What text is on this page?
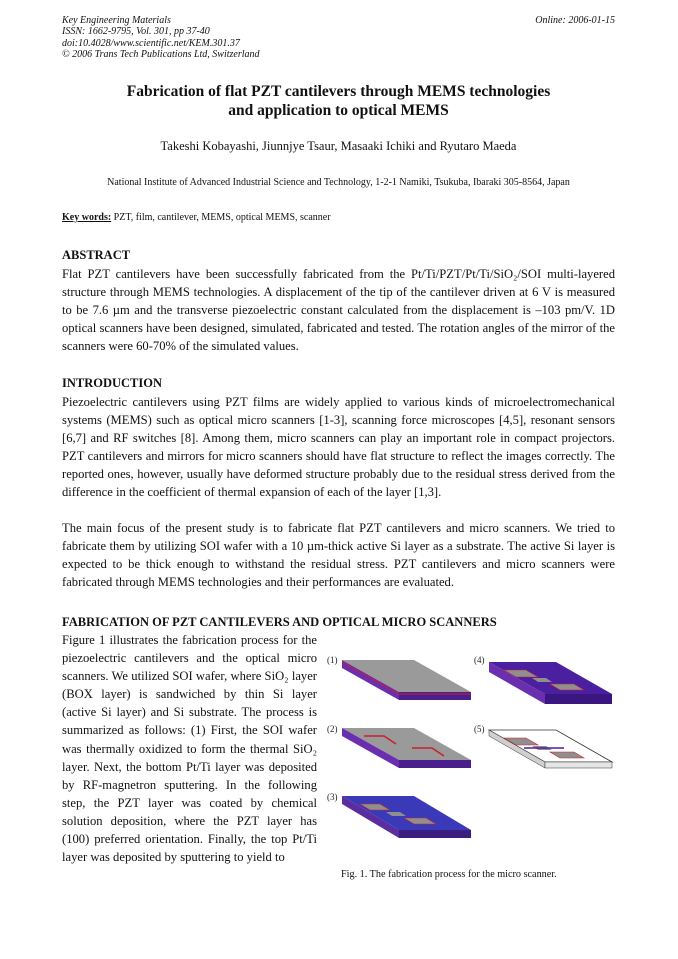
Key Engineering Materials
ISSN: 1662-9795, Vol. 301, pp 37-40
doi:10.4028/www.scientific.net/KEM.301.37
© 2006 Trans Tech Publications Ltd, Switzerland
Online: 2006-01-15
Fabrication of flat PZT cantilevers through MEMS technologies
and application to optical MEMS
Takeshi Kobayashi, Jiunnjye Tsaur, Masaaki Ichiki and Ryutaro Maeda
National Institute of Advanced Industrial Science and Technology, 1-2-1 Namiki, Tsukuba, Ibaraki 305-8564, Japan
Key words: PZT, film, cantilever, MEMS, optical MEMS, scanner
ABSTRACT

Flat PZT cantilevers have been successfully fabricated from the Pt/Ti/PZT/Pt/Ti/SiO₂/SOI multi-layered structure through MEMS technologies. A displacement of the tip of the cantilever driven at 6 V is measured to be 7.6 µm and the transverse piezoelectric constant calculated from the displacement is –103 pm/V. 1D optical scanners have been designed, simulated, fabricated and tested. The rotation angles of the mirror of the scanners were 60-70% of the simulated values.

INTRODUCTION

Piezoelectric cantilevers using PZT films are widely applied to various kinds of microelectromechanical systems (MEMS) such as optical micro scanners [1-3], scanning force microscopes [4,5], resonant sensors [6,7] and RF switches [8]. Among them, micro scanners can play an important role in compact projectors. PZT cantilevers and mirrors for micro scanners should have flat structure to reflect the images correctly. The reported ones, however, usually have deformed structure probably due to the residual stress derived from the difference in the coefficient of thermal expansion of each of the layer [1,3].

The main focus of the present study is to fabricate flat PZT cantilevers and micro scanners. We tried to fabricate them by utilizing SOI wafer with a 10 µm-thick active Si layer as a substrate. The active Si layer is expected to be thick enough to withstand the residual stress. PZT cantilevers and micro scanners were fabricated through MEMS technologies and their performances are evaluated.

FABRICATION OF PZT CANTILEVERS AND OPTICAL MICRO SCANNERS

Figure 1 illustrates the fabrication process for the piezoelectric cantilevers and the optical micro scanners. We utilized SOI wafer, where SiO₂ layer (BOX layer) is sandwiched by thin Si layer (active Si layer) and Si substrate. The process is summarized as follows: (1) First, the SOI wafer was thermally oxidized to form the thermal SiO₂ layer. Next, the bottom Pt/Ti layer was deposited by RF-magnetron sputtering. In the following step, the PZT layer was coated by chemical solution deposition, where the PZT layer has (100) preferred orientation. Finally, the top Pt/Ti layer was deposited by sputtering to yield to

(1)
(2)
(3)
(4)
(5)
Fig. 1. The fabrication process for the micro scanner.
